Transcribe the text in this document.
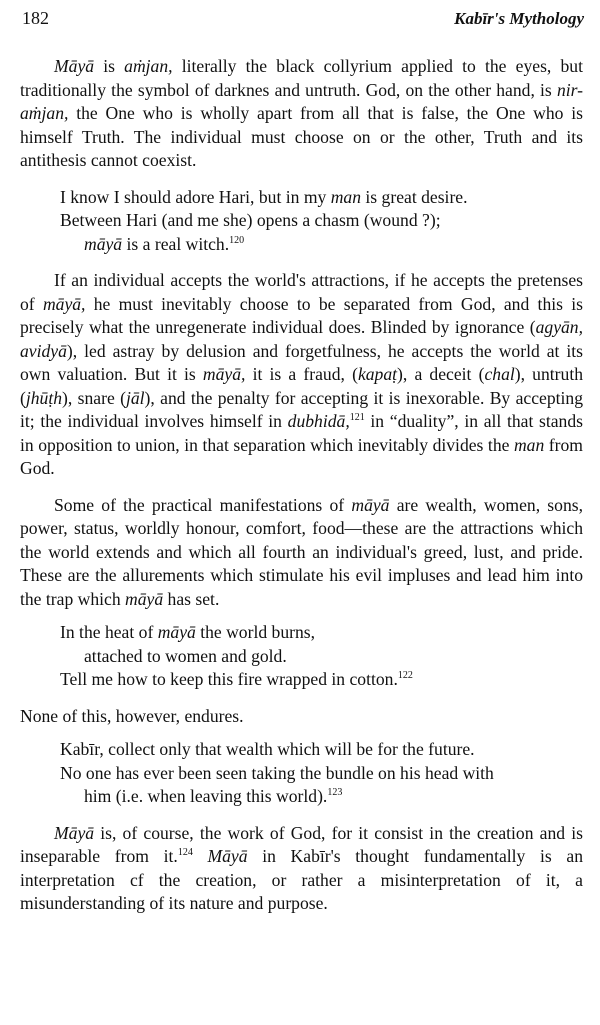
182	Kabīr's Mythology

Māyā is aṁjan, literally the black collyrium applied to the eyes, but traditionally the symbol of darknes and untruth. God, on the other hand, is nir-aṁjan, the One who is wholly apart from all that is false, the One who is himself Truth. The individual must choose on or the other, Truth and its antithesis cannot coexist.

I know I should adore Hari, but in my man is great desire.
Between Hari (and me she) opens a chasm (wound ?);
māyā is a real witch.$^{120}$

If an individual accepts the world's attractions, if he accepts the pretenses of māyā, he must inevitably choose to be separated from God, and this is precisely what the unregenerate individual does. Blinded by ignorance (agyān, avidyā), led astray by delusion and forgetfulness, he accepts the world at its own valuation. But it is māyā, it is a fraud, (kapaṭ), a deceit (chal), untruth (jhūṭh), snare (jāl), and the penalty for accepting it is inexorable. By accepting it; the individual involves himself in dubhidā,$^{121}$ in “duality”, in all that stands in opposition to union, in that separation which inevitably divides the man from God.

Some of the practical manifestations of māyā are wealth, women, sons, power, status, worldly honour, comfort, food—these are the attractions which the world extends and which all fourth an individual's greed, lust, and pride. These are the allurements which stimulate his evil impluses and lead him into the trap which māyā has set.

In the heat of māyā the world burns,
attached to women and gold.
Tell me how to keep this fire wrapped in cotton.$^{122}$

None of this, however, endures.

Kabīr, collect only that wealth which will be for the future.
No one has ever been seen taking the bundle on his head with
him (i.e. when leaving this world).$^{123}$

Māyā is, of course, the work of God, for it consist in the creation and is inseparable from it.$^{124}$ Māyā in Kabīr's thought fundamentally is an interpretation cf the creation, or rather a misinterpretation of it, a misunderstanding of its nature and purpose.
